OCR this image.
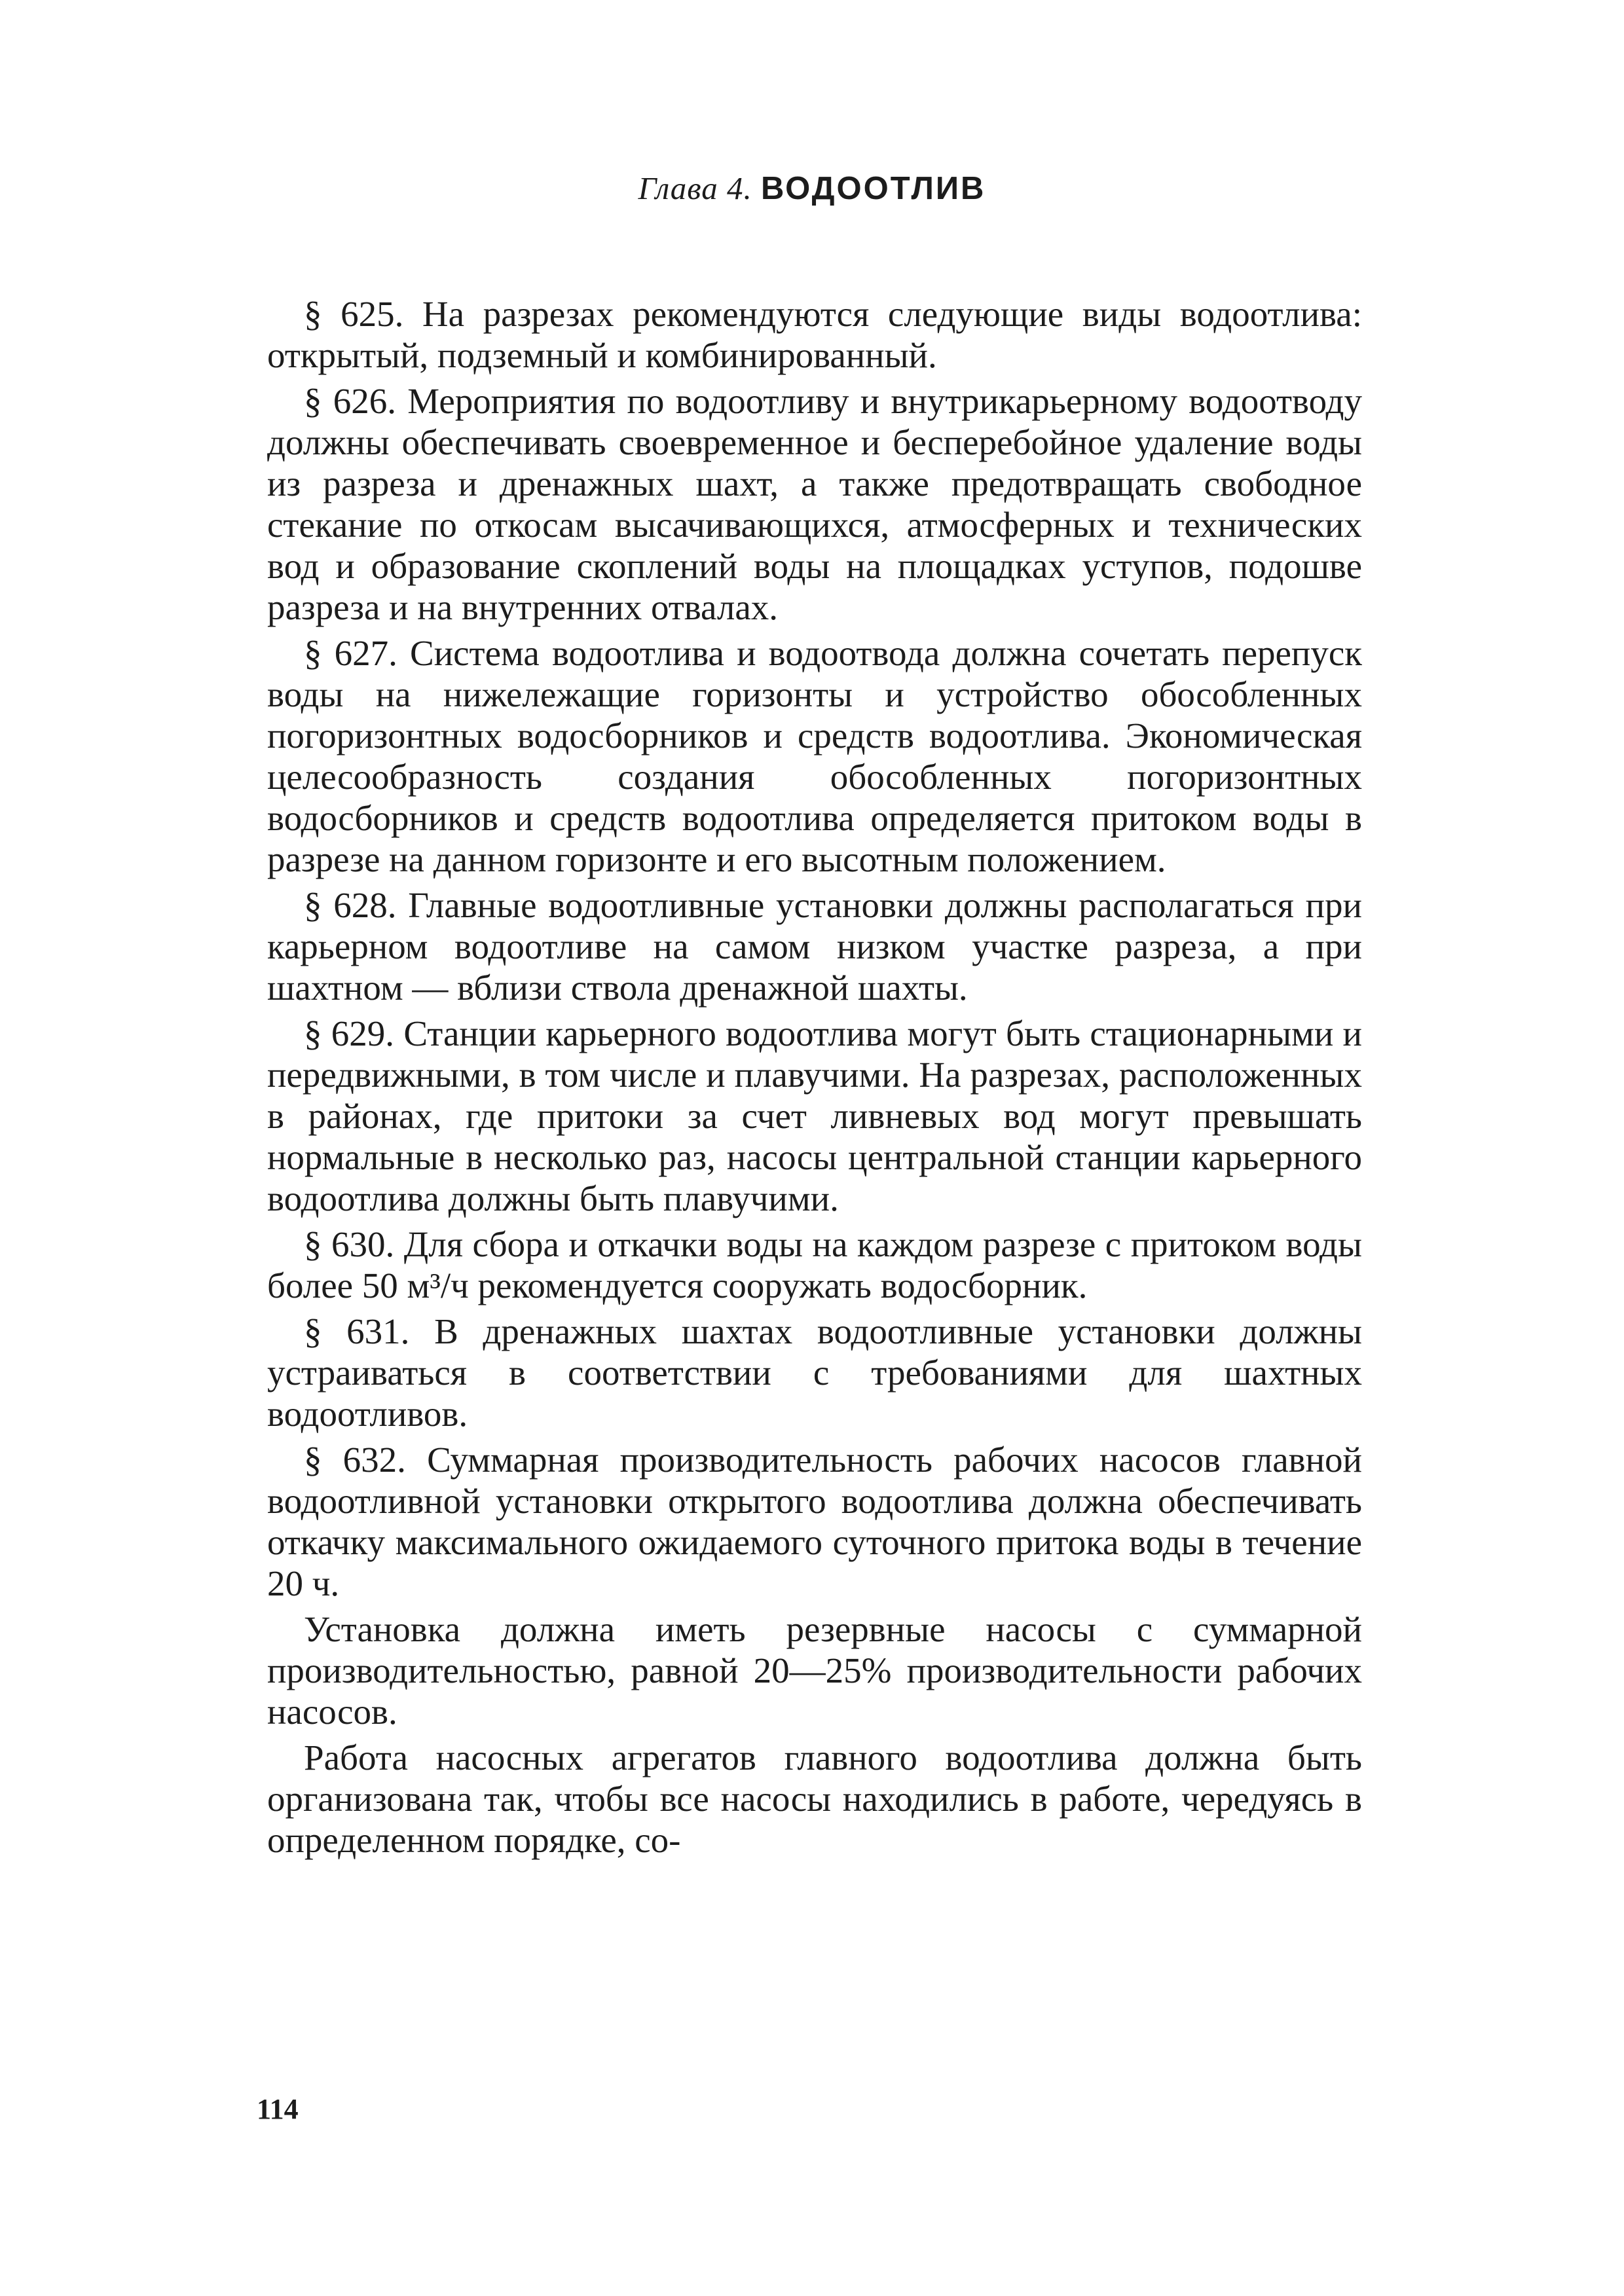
Глава 4. ВОДООТЛИВ

§ 625. На разрезах рекомендуются следующие виды водоотлива: открытый, подземный и комбинированный.

§ 626. Мероприятия по водоотливу и внутрикарьерному водоотводу должны обеспечивать своевременное и бесперебойное удаление воды из разреза и дренажных шахт, а также предотвращать свободное стекание по откосам высачивающихся, атмосферных и технических вод и образование скоплений воды на площадках уступов, подошве разреза и на внутренних отвалах.

§ 627. Система водоотлива и водоотвода должна сочетать перепуск воды на нижележащие горизонты и устройство обособленных погоризонтных водосборников и средств водоотлива. Экономическая целесообразность создания обособленных погоризонтных водосборников и средств водоотлива определяется притоком воды в разрезе на данном горизонте и его высотным положением.

§ 628. Главные водоотливные установки должны располагаться при карьерном водоотливе на самом низком участке разреза, а при шахтном — вблизи ствола дренажной шахты.

§ 629. Станции карьерного водоотлива могут быть стационарными и передвижными, в том числе и плавучими. На разрезах, расположенных в районах, где притоки за счет ливневых вод могут превышать нормальные в несколько раз, насосы центральной станции карьерного водоотлива должны быть плавучими.

§ 630. Для сбора и откачки воды на каждом разрезе с притоком воды более 50 м³/ч рекомендуется сооружать водосборник.

§ 631. В дренажных шахтах водоотливные установки должны устраиваться в соответствии с требованиями для шахтных водоотливов.

§ 632. Суммарная производительность рабочих насосов главной водоотливной установки открытого водоотлива должна обеспечивать откачку максимального ожидаемого суточного притока воды в течение 20 ч.

Установка должна иметь резервные насосы с суммарной производительностью, равной 20—25% производительности рабочих насосов.

Работа насосных агрегатов главного водоотлива должна быть организована так, чтобы все насосы находились в работе, чередуясь в определенном порядке, со-

114
